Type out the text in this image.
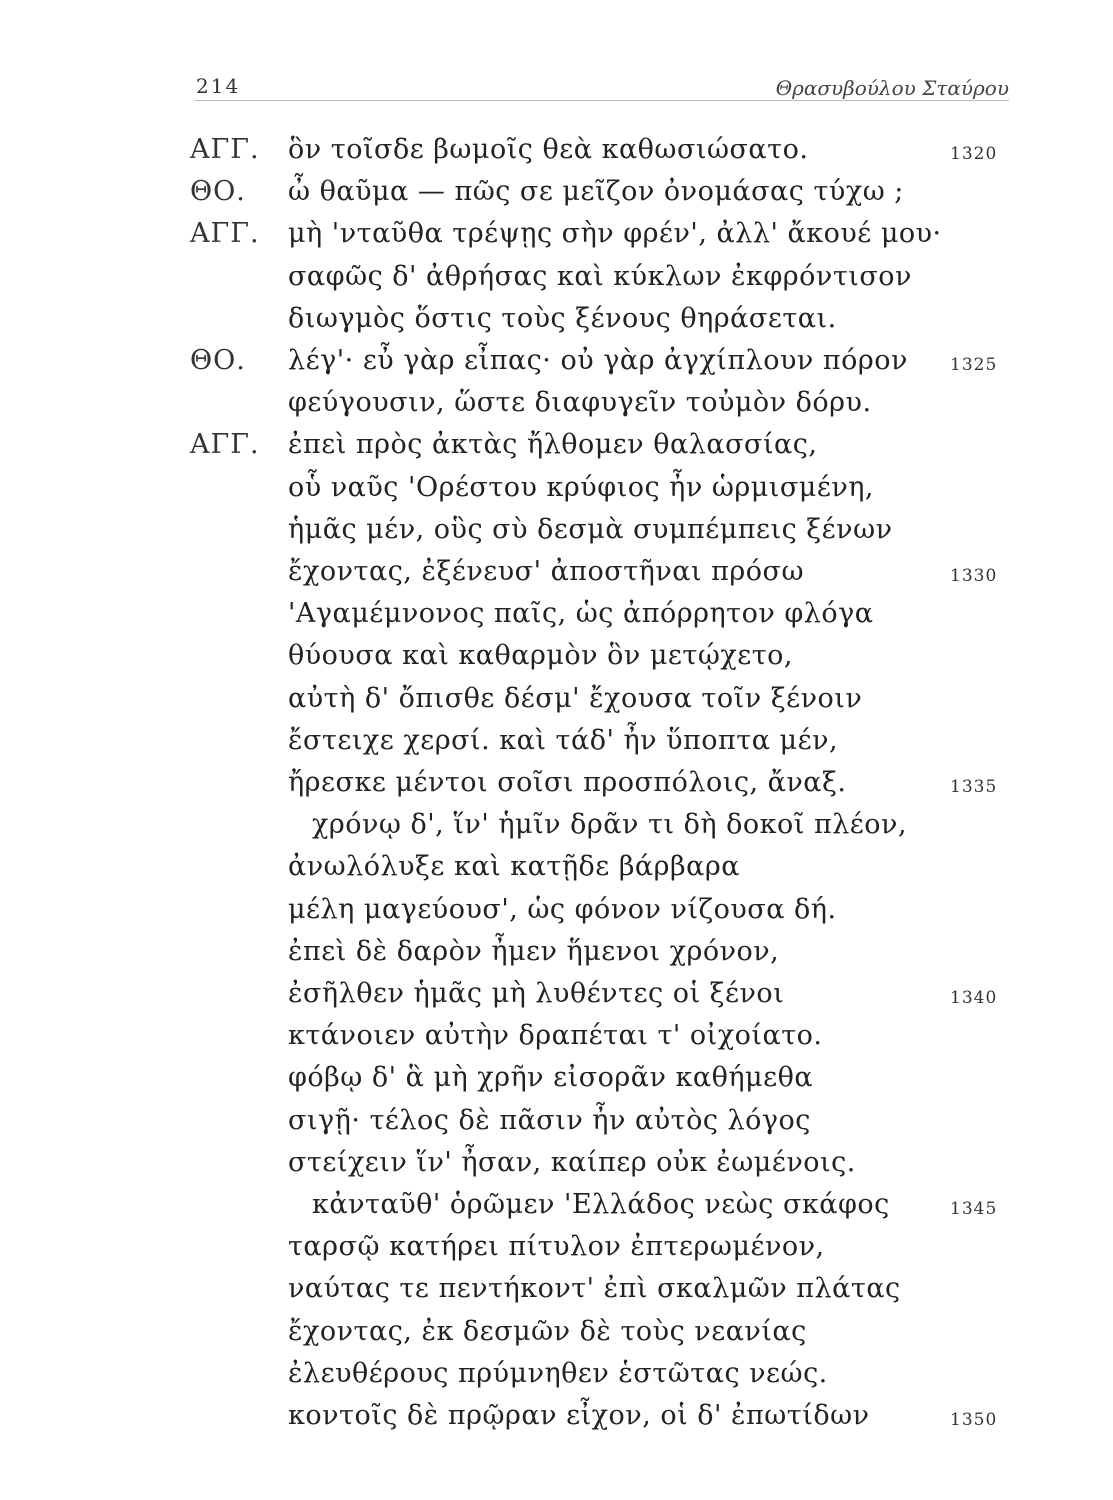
214	Θρασυβούλου Σταύρου
ΑΓΓ. ὃν τοῖσδε βωμοῖς θεὰ καθωσιώσατο.	1320
ΘΟ. ὦ θαῦμα — πῶς σε μεῖζον ὀνομάσας τύχω ;
ΑΓΓ. μὴ 'νταῦθα τρέψῃς σὴν φρέν', ἀλλ' ἄκουέ μου·
σαφῶς δ' ἀθρήσας καὶ κύκλων ἐκφρόντισον
διωγμὸς ὅστις τοὺς ξένους θηράσεται.
ΘΟ. λέγ'· εὖ γὰρ εἶπας· οὐ γὰρ ἀγχίπλουν πόρον 1325
φεύγουσιν, ὥστε διαφυγεῖν τοὐμὸν δόρυ.
ΑΓΓ. ἐπεὶ πρὸς ἀκτὰς ἤλθομεν θαλασσίας,
οὗ ναῦς 'Ορέστου κρύφιος ἦν ὡρμισμένη,
ἡμᾶς μέν, οὓς σὺ δεσμὰ συμπέμπεις ξένων
ἔχοντας, ἐξένευσ' ἀποστῆναι πρόσω	1330
'Αγαμέμνονος παῖς, ὡς ἀπόρρητον φλόγα
θύουσα καὶ καθαρμὸν ὃν μετῴχετο,
αὐτὴ δ' ὄπισθε δέσμ' ἔχουσα τοῖν ξένοιν
ἔστειχε χερσί. καὶ τάδ' ἦν ὕποπτα μέν,
ἤρεσκε μέντοι σοῖσι προσπόλοις, ἄναξ.	1335
χρόνῳ δ', ἵν' ἡμῖν δρᾶν τι δὴ δοκοῖ πλέον,
ἀνωλόλυξε καὶ κατῇδε βάρβαρα
μέλη μαγεύουσ', ὡς φόνον νίζουσα δή.
ἐπεὶ δὲ δαρὸν ἦμεν ἥμενοι χρόνον,
ἐσῆλθεν ἡμᾶς μὴ λυθέντες οἱ ξένοι	1340
κτάνοιεν αὐτὴν δραπέται τ' οἰχοίατο.
φόβῳ δ' ἃ μὴ χρῆν εἰσορᾶν καθήμεθα
σιγῇ· τέλος δὲ πᾶσιν ἦν αὐτὸς λόγος
στείχειν ἵν' ἦσαν, καίπερ οὐκ ἐωμένοις.
κἀνταῦθ' ὁρῶμεν 'Ελλάδος νεὼς σκάφος	1345
ταρσῷ κατήρει πίτυλον ἐπτερωμένον,
ναύτας τε πεντήκοντ' ἐπὶ σκαλμῶν πλάτας
ἔχοντας, ἐκ δεσμῶν δὲ τοὺς νεανίας
ἐλευθέρους πρύμνηθεν ἑστῶτας νεώς.
κοντοῖς δὲ πρῷραν εἶχον, οἱ δ' ἐπωτίδων	1350
